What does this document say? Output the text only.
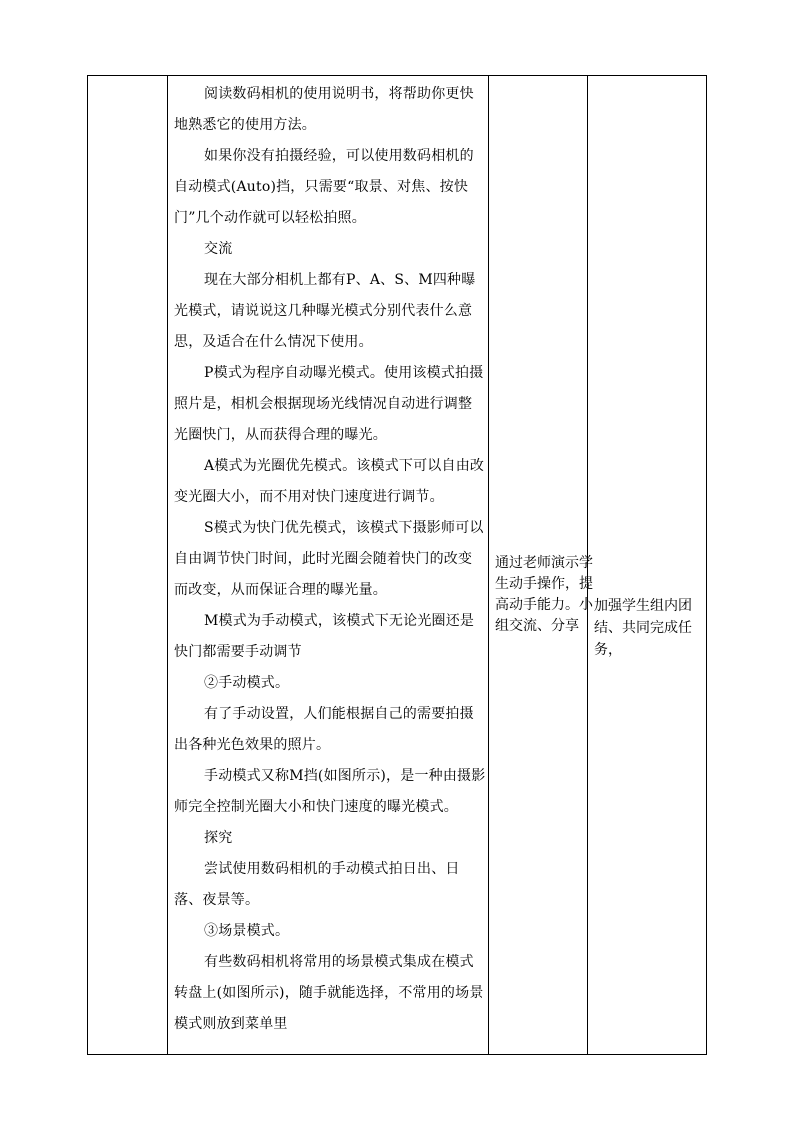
阅读数码相机的使用说明书，将帮助你更快地熟悉它的使用方法。

如果你没有拍摄经验，可以使用数码相机的自动模式(Auto)挡，只需要“取景、对焦、按快门”几个动作就可以轻松拍照。

交流

现在大部分相机上都有P、A、S、M四种曝光模式，请说说这几种曝光模式分别代表什么意思，及适合在什么情况下使用。

P模式为程序自动曝光模式。使用该模式拍摄照片是，相机会根据现场光线情况自动进行调整光圈快门，从而获得合理的曝光。

A模式为光圈优先模式。该模式下可以自由改变光圈大小，而不用对快门速度进行调节。

S模式为快门优先模式，该模式下摄影师可以自由调节快门时间，此时光圈会随着快门的改变而改变，从而保证合理的曝光量。

M模式为手动模式，该模式下无论光圈还是快门都需要手动调节

②手动模式。

有了手动设置，人们能根据自己的需要拍摄出各种光色效果的照片。

手动模式又称M挡(如图所示)，是一种由摄影师完全控制光圈大小和快门速度的曝光模式。

探究

尝试使用数码相机的手动模式拍日出、日落、夜景等。

③场景模式。

有些数码相机将常用的场景模式集成在模式转盘上(如图所示)，随手就能选择，不常用的场景模式则放到菜单里

通过老师演示学生动手操作，提高动手能力。小组交流、分享
加强学生组内团结、共同完成任务，
